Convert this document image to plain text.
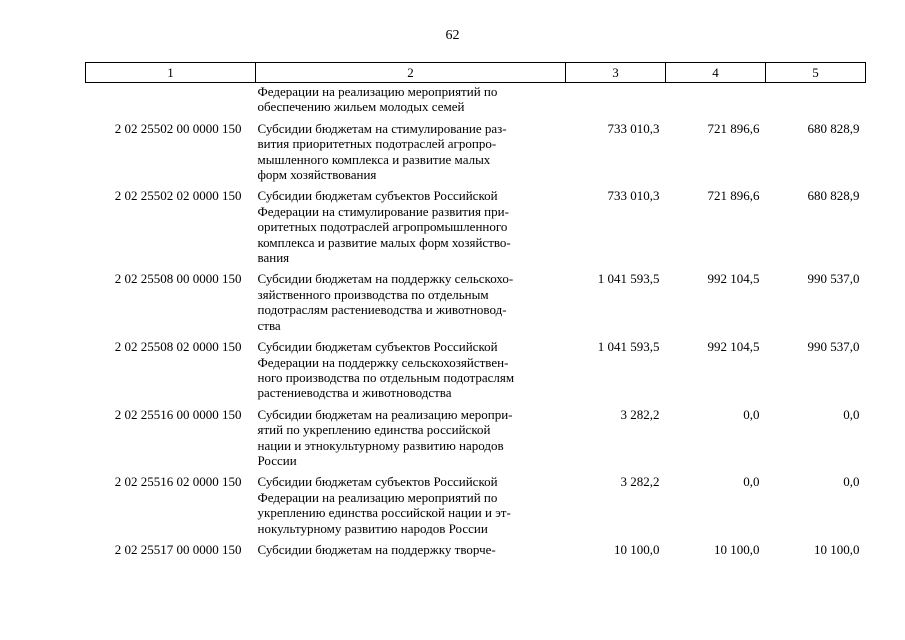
62
1	2	3	4	5

	Федерации на реализацию мероприятий по
обеспечению жильем молодых семей			

2 02 25502 00 0000 150	Субсидии бюджетам на стимулирование раз-
вития приоритетных подотраслей агропро-
мышленного комплекса и развитие малых
форм хозяйствования	733 010,3	721 896,6	680 828,9
2 02 25502 02 0000 150	Субсидии бюджетам субъектов Российской
Федерации на стимулирование развития при-
оритетных подотраслей агропромышленного
комплекса и развитие малых форм хозяйство-
вания	733 010,3	721 896,6	680 828,9
2 02 25508 00 0000 150	Субсидии бюджетам на поддержку сельскохо-
зяйственного производства по отдельным
подотраслям растениеводства и животновод-
ства	1 041 593,5	992 104,5	990 537,0
2 02 25508 02 0000 150	Субсидии бюджетам субъектов Российской
Федерации на поддержку сельскохозяйствен-
ного производства по отдельным подотраслям
растениеводства и животноводства	1 041 593,5	992 104,5	990 537,0
2 02 25516 00 0000 150	Субсидии бюджетам на реализацию меропри-
ятий по укреплению единства российской
нации и этнокультурному развитию народов
России	3 282,2	0,0	0,0
2 02 25516 02 0000 150	Субсидии бюджетам субъектов Российской
Федерации на реализацию мероприятий по
укреплению единства российской нации и эт-
нокультурному развитию народов России	3 282,2	0,0	0,0
2 02 25517 00 0000 150	Субсидии бюджетам на поддержку творче-	10 100,0	10 100,0	10 100,0
